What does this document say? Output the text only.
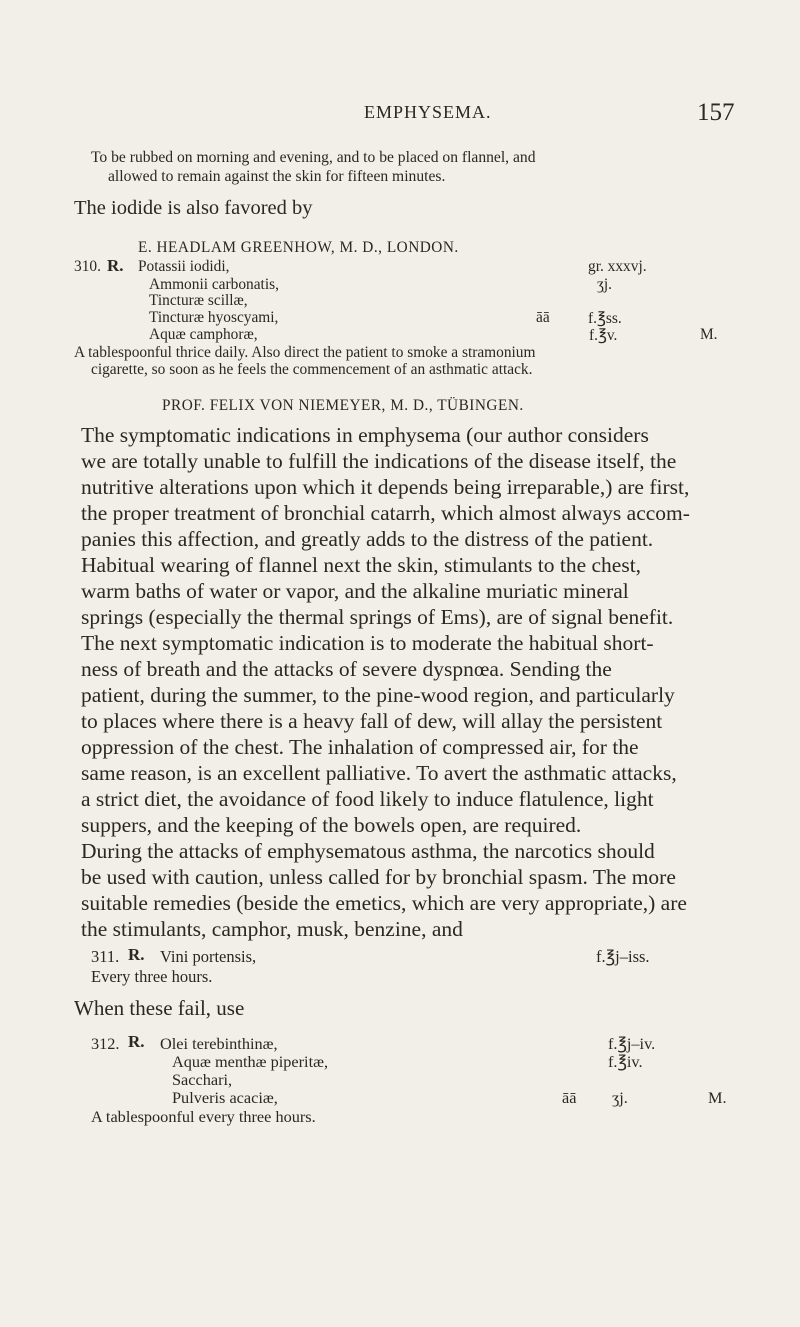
EMPHYSEMA.	157
To be rubbed on morning and evening, and to be placed on flannel, and
allowed to remain against the skin for fifteen minutes.
The iodide is also favored by
E. HEADLAM GREENHOW, M. D., LONDON.
310. R. Potassii iodidi,	gr. xxxvj.
Ammonii carbonatis,	ʒj.
Tincturæ scillæ,
Tincturæ hyoscyami,	āā f.℥ss.
Aquæ camphoræ,	f.℥v.	M.
A tablespoonful thrice daily. Also direct the patient to smoke a stramonium
cigarette, so soon as he feels the commencement of an asthmatic attack.
PROF. FELIX VON NIEMEYER, M. D., TÜBINGEN.
The symptomatic indications in emphysema (our author considers
we are totally unable to fulfill the indications of the disease itself, the
nutritive alterations upon which it depends being irreparable,) are first,
the proper treatment of bronchial catarrh, which almost always accom-
panies this affection, and greatly adds to the distress of the patient.
Habitual wearing of flannel next the skin, stimulants to the chest,
warm baths of water or vapor, and the alkaline muriatic mineral
springs (especially the thermal springs of Ems), are of signal benefit.
The next symptomatic indication is to moderate the habitual short-
ness of breath and the attacks of severe dyspnœa. Sending the
patient, during the summer, to the pine-wood region, and particularly
to places where there is a heavy fall of dew, will allay the persistent
oppression of the chest. The inhalation of compressed air, for the
same reason, is an excellent palliative. To avert the asthmatic attacks,
a strict diet, the avoidance of food likely to induce flatulence, light
suppers, and the keeping of the bowels open, are required.
During the attacks of emphysematous asthma, the narcotics should
be used with caution, unless called for by bronchial spasm. The more
suitable remedies (beside the emetics, which are very appropriate,) are
the stimulants, camphor, musk, benzine, and
311. R. Vini portensis,	f.℥j–iss.
Every three hours.
When these fail, use
312. R. Olei terebinthinæ,	f.℥j–iv.
Aquæ menthæ piperitæ,	f.℥iv.
Sacchari,
Pulveris acaciæ,	āā ʒj.	M.
A tablespoonful every three hours.
